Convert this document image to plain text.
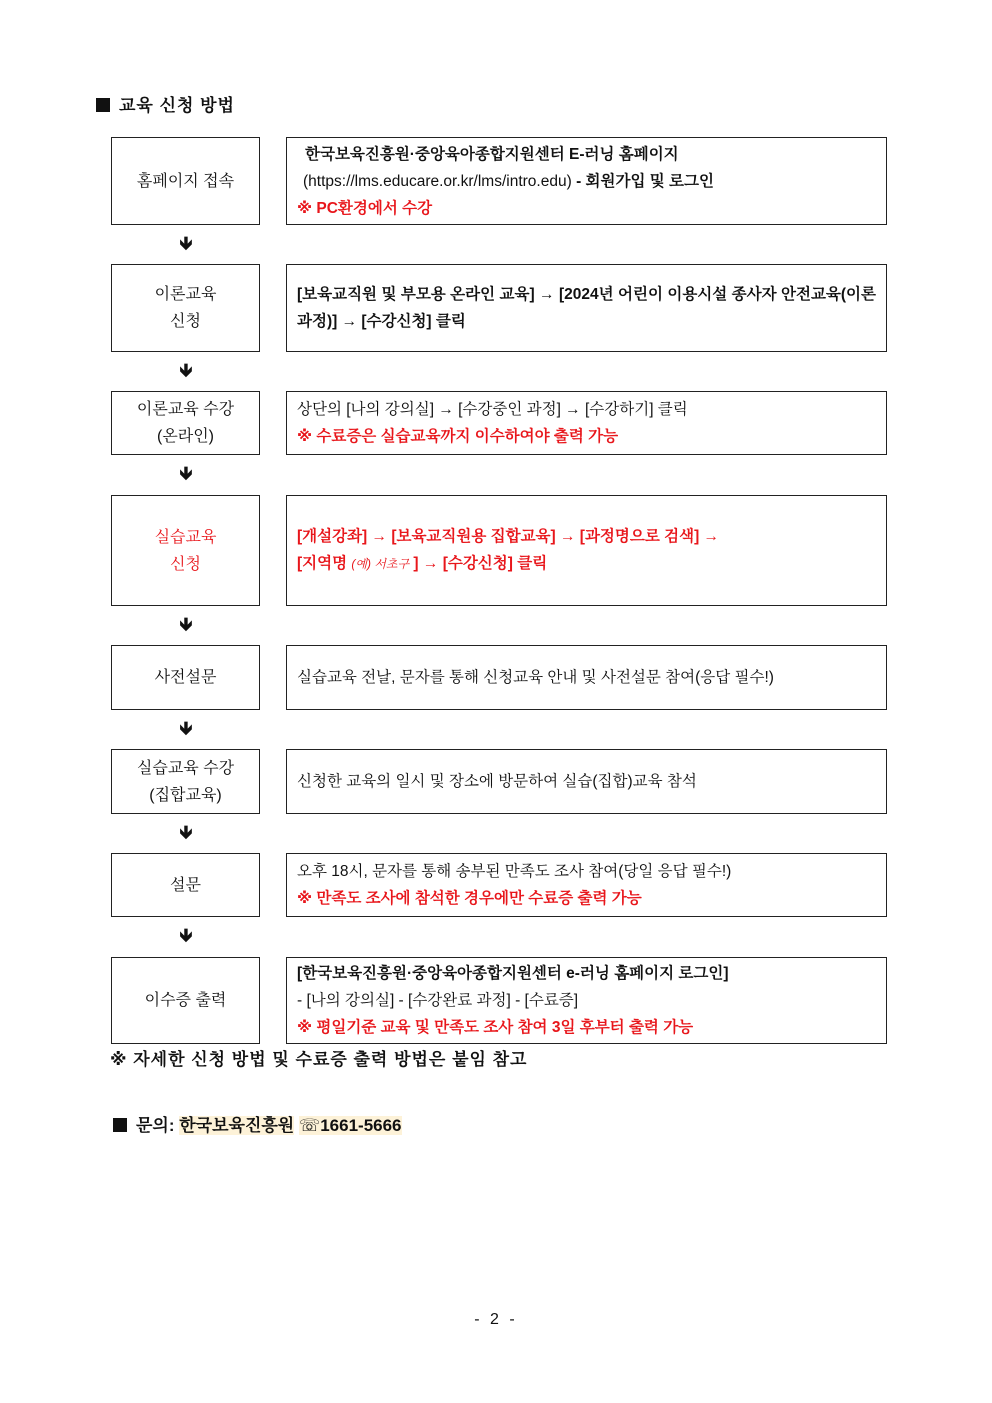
교육 신청 방법
홈페이지 접속
한국보육진흥원·중앙육아종합지원센터 E-러닝 홈페이지
(https://lms.educare.or.kr/lms/intro.edu) - 회원가입 및 로그인
※ PC환경에서 수강
🡻
이론교육
신청
[보육교직원 및 부모용 온라인 교육] → [2024년 어린이 이용시설 종사자 안전교육(이론과정)] → [수강신청] 클릭
🡻
이론교육 수강
(온라인)
상단의 [나의 강의실] → [수강중인 과정] → [수강하기] 클릭
※ 수료증은 실습교육까지 이수하여야 출력 가능
🡻
실습교육
신청
[개설강좌] → [보육교직원용 집합교육] → [과정명으로 검색] →
[지역명 (예) 서초구 ] → [수강신청] 클릭
🡻
사전설문	실습교육 전날, 문자를 통해 신청교육 안내 및 사전설문 참여(응답 필수!)
🡻
실습교육 수강
(집합교육)
신청한 교육의 일시 및 장소에 방문하여 실습(집합)교육 참석
🡻
설문
오후 18시, 문자를 통해 송부된 만족도 조사 참여(당일 응답 필수!)
※ 만족도 조사에 참석한 경우에만 수료증 출력 가능
🡻
이수증 출력
[한국보육진흥원·중앙육아종합지원센터 e-러닝 홈페이지 로그인]
- [나의 강의실] - [수강완료 과정] - [수료증]
※ 평일기준 교육 및 만족도 조사 참여 3일 후부터 출력 가능
※ 자세한 신청 방법 및 수료증 출력 방법은 붙임 참고
문의: 한국보육진흥원 ☏1661-5666
- 2 -
